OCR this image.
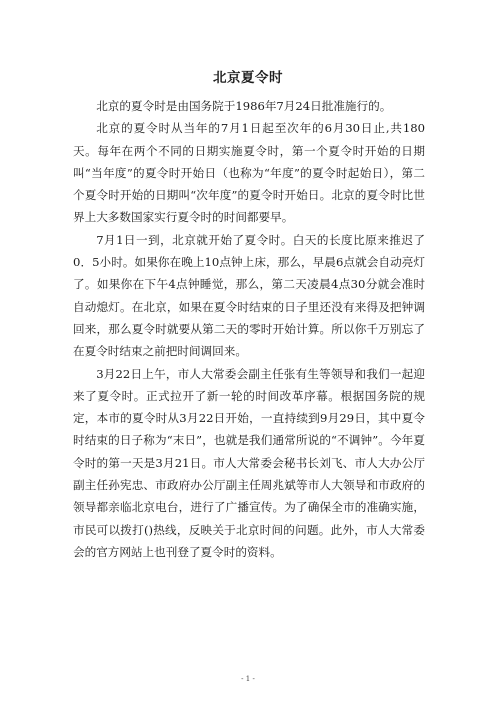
北京夏令时

北京的夏令时是由国务院于1986年7月24日批准施行的。

北京的夏令时从当年的7月1日起至次年的6月30日止,共180天。每年在两个不同的日期实施夏令时，第一个夏令时开始的日期叫“当年度”的夏令时开始日（也称为“年度”的夏令时起始日），第二个夏令时开始的日期叫“次年度”的夏令时开始日。北京的夏令时比世界上大多数国家实行夏令时的时间都要早。

7月1日一到，北京就开始了夏令时。白天的长度比原来推迟了0．5小时。如果你在晚上10点钟上床，那么，早晨6点就会自动亮灯了。如果你在下午4点钟睡觉，那么，第二天凌晨4点30分就会准时自动熄灯。在北京，如果在夏令时结束的日子里还没有来得及把钟调回来，那么夏令时就要从第二天的零时开始计算。所以你千万别忘了在夏令时结束之前把时间调回来。

3月22日上午，市人大常委会副主任张有生等领导和我们一起迎来了夏令时。正式拉开了新一轮的时间改革序幕。根据国务院的规定，本市的夏令时从3月22日开始，一直持续到9月29日，其中夏令时结束的日子称为“末日”，也就是我们通常所说的“不调钟”。今年夏令时的第一天是3月21日。市人大常委会秘书长刘飞、市人大办公厅副主任孙宪忠、市政府办公厅副主任周兆斌等市人大领导和市政府的领导都亲临北京电台，进行了广播宣传。为了确保全市的准确实施，市民可以拨打()热线，反映关于北京时间的问题。此外，市人大常委会的官方网站上也刊登了夏令时的资料。

- 1 -
